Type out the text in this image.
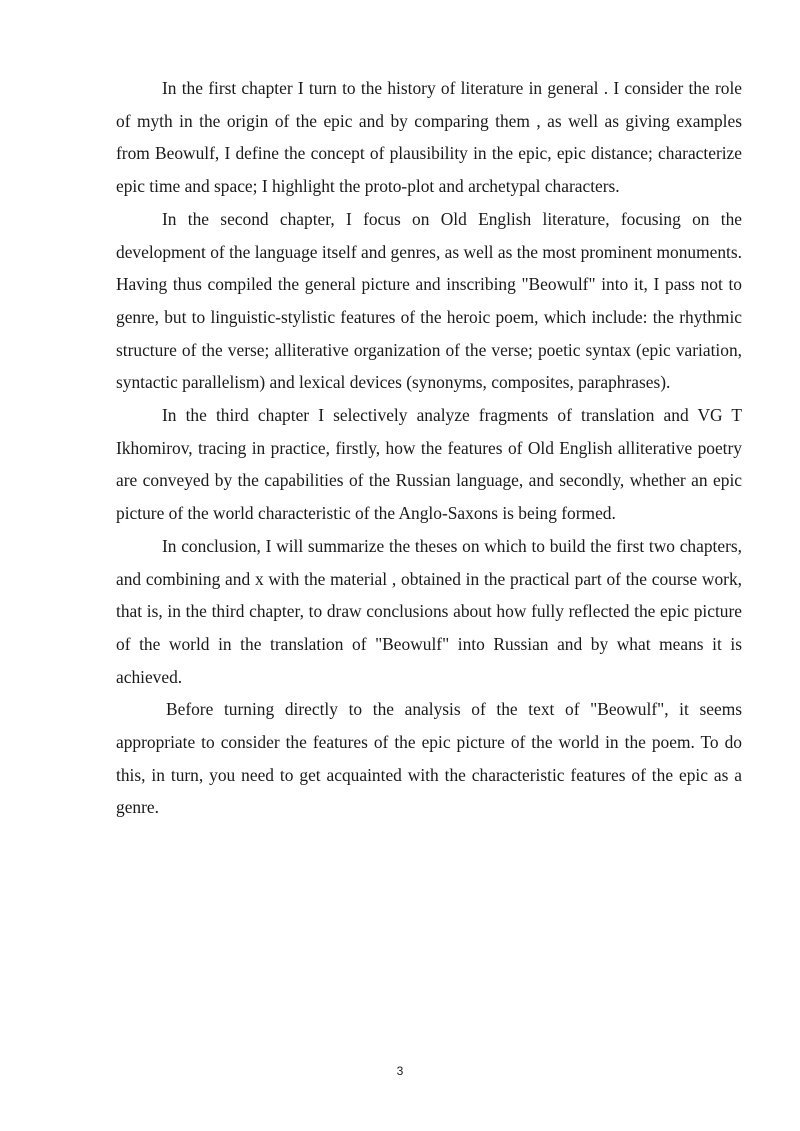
In the first chapter I turn to the history of literature in general . I consider the role of myth in the origin of the epic and by comparing them , as well as giving examples from Beowulf, I define the concept of plausibility in the epic, epic distance; characterize epic time and space; I highlight the proto-plot and archetypal characters.

In the second chapter, I focus on Old English literature, focusing on the development of the language itself and genres, as well as the most prominent monuments. Having thus compiled the general picture and inscribing "Beowulf" into it, I pass not to genre, but to linguistic-stylistic features of the heroic poem, which include: the rhythmic structure of the verse; alliterative organization of the verse; poetic syntax (epic variation, syntactic parallelism) and lexical devices (synonyms, composites, paraphrases).

In the third chapter I selectively analyze fragments of translation and VG T Ikhomirov, tracing in practice, firstly, how the features of Old English alliterative poetry are conveyed by the capabilities of the Russian language, and secondly, whether an epic picture of the world characteristic of the Anglo-Saxons is being formed.

In conclusion, I will summarize the theses on which to build the first two chapters, and combining and x with the material , obtained in the practical part of the course work, that is, in the third chapter, to draw conclusions about how fully reflected the epic picture of the world in the translation of "Beowulf" into Russian and by what means it is achieved.

Before turning directly to the analysis of the text of "Beowulf", it seems appropriate to consider the features of the epic picture of the world in the poem. To do this, in turn, you need to get acquainted with the characteristic features of the epic as a genre.

3
